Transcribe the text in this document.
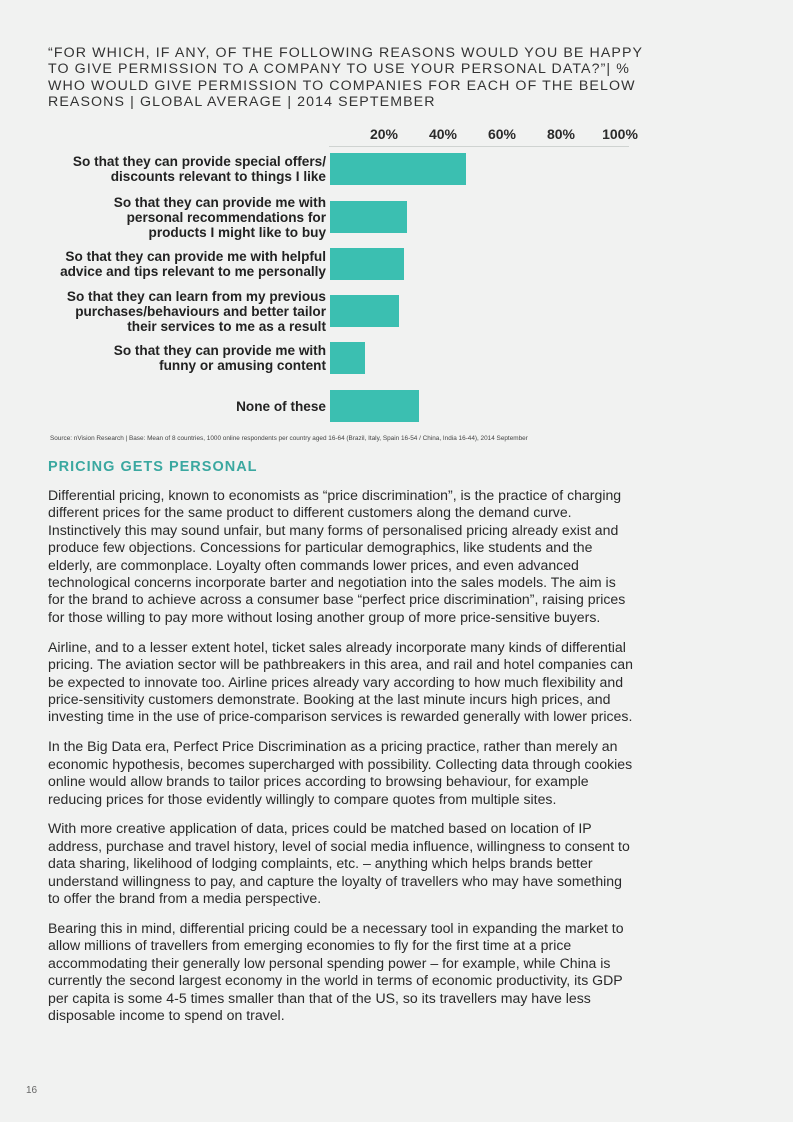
“FOR WHICH, IF ANY, OF THE FOLLOWING REASONS WOULD YOU BE HAPPY TO GIVE PERMISSION TO A COMPANY TO USE YOUR PERSONAL DATA?”| % WHO WOULD GIVE PERMISSION TO COMPANIES FOR EACH OF THE BELOW REASONS | GLOBAL AVERAGE | 2014 SEPTEMBER
20% 40% 60% 80% 100%
So that they can provide special offers/
discounts relevant to things I like
So that they can provide me with
personal recommendations for
products I might like to buy
So that they can provide me with helpful
advice and tips relevant to me personally
So that they can learn from my previous
purchases/behaviours and better tailor
their services to me as a result
So that they can provide me with
funny or amusing content
None of these
Source: nVision Research | Base: Mean of 8 countries, 1000 online respondents per country aged 16-64 (Brazil, Italy, Spain 16-54 / China, India 16-44), 2014 September
PRICING GETS PERSONAL

Differential pricing, known to economists as “price discrimination”, is the practice of charging different prices for the same product to different customers along the demand curve. Instinctively this may sound unfair, but many forms of personalised pricing already exist and produce few objections. Concessions for particular demographics, like students and the elderly, are commonplace. Loyalty often commands lower prices, and even advanced technological concerns incorporate barter and negotiation into the sales models. The aim is for the brand to achieve across a consumer base “perfect price discrimination”, raising prices for those willing to pay more without losing another group of more price-sensitive buyers.

Airline, and to a lesser extent hotel, ticket sales already incorporate many kinds of differential pricing. The aviation sector will be pathbreakers in this area, and rail and hotel companies can be expected to innovate too. Airline prices already vary according to how much flexibility and price-sensitivity customers demonstrate. Booking at the last minute incurs high prices, and investing time in the use of price-comparison services is rewarded generally with lower prices.

In the Big Data era, Perfect Price Discrimination as a pricing practice, rather than merely an economic hypothesis, becomes supercharged with possibility. Collecting data through cookies online would allow brands to tailor prices according to browsing behaviour, for example reducing prices for those evidently willingly to compare quotes from multiple sites.

With more creative application of data, prices could be matched based on location of IP address, purchase and travel history, level of social media influence, willingness to consent to data sharing, likelihood of lodging complaints, etc. – anything which helps brands better understand willingness to pay, and capture the loyalty of travellers who may have something to offer the brand from a media perspective.

Bearing this in mind, differential pricing could be a necessary tool in expanding the market to allow millions of travellers from emerging economies to fly for the first time at a price accommodating their generally low personal spending power – for example, while China is currently the second largest economy in the world in terms of economic productivity, its GDP per capita is some 4-5 times smaller than that of the US, so its travellers may have less disposable income to spend on travel.

16
